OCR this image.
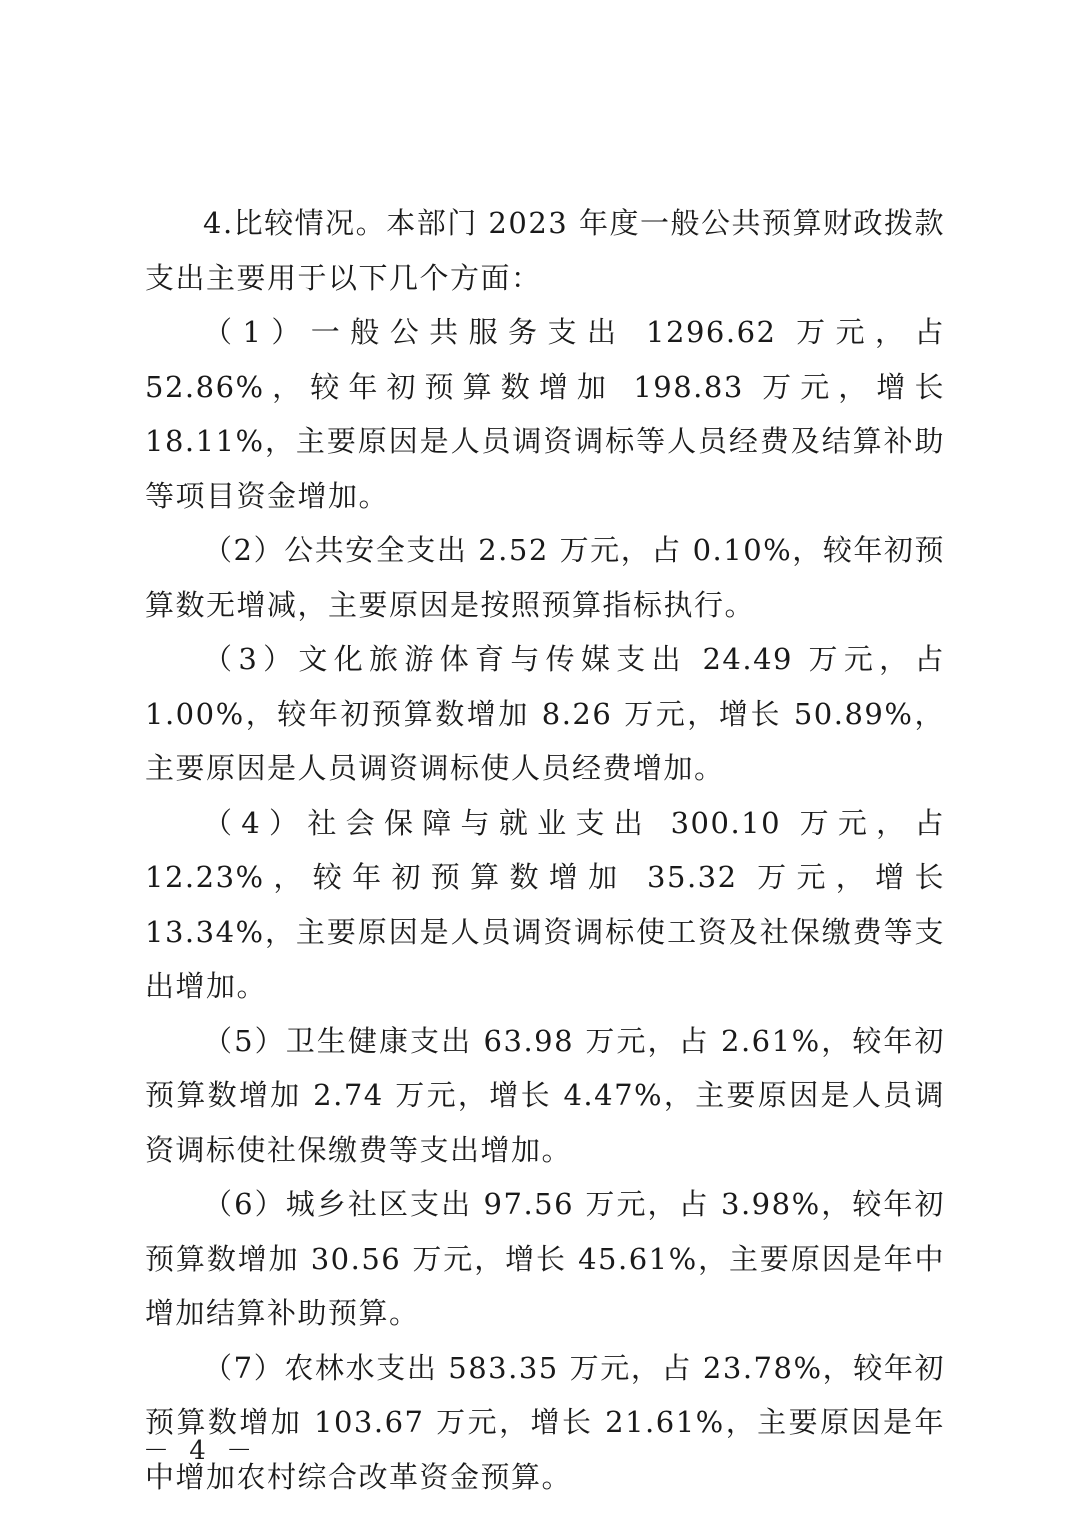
4.比较情况。本部门 2023 年度一般公共预算财政拨款支出主要用于以下几个方面：

（1）一般公共服务支出 1296.62 万元，占 52.86%，较年初预算数增加 198.83 万元，增长 18.11%，主要原因是人员调资调标等人员经费及结算补助等项目资金增加。

（2）公共安全支出 2.52 万元，占 0.10%，较年初预算数无增减，主要原因是按照预算指标执行。

（3）文化旅游体育与传媒支出 24.49 万元，占 1.00%，较年初预算数增加 8.26 万元，增长 50.89%，主要原因是人员调资调标使人员经费增加。

（4）社会保障与就业支出 300.10 万元，占 12.23%，较年初预算数增加 35.32 万元，增长 13.34%，主要原因是人员调资调标使工资及社保缴费等支出增加。

（5）卫生健康支出 63.98 万元，占 2.61%，较年初预算数增加 2.74 万元，增长 4.47%，主要原因是人员调资调标使社保缴费等支出增加。

（6）城乡社区支出 97.56 万元，占 3.98%，较年初预算数增加 30.56 万元，增长 45.61%，主要原因是年中增加结算补助预算。

（7）农林水支出 583.35 万元，占 23.78%，较年初预算数增加 103.67 万元，增长 21.61%，主要原因是年中增加农村综合改革资金预算。

－ 4 －
